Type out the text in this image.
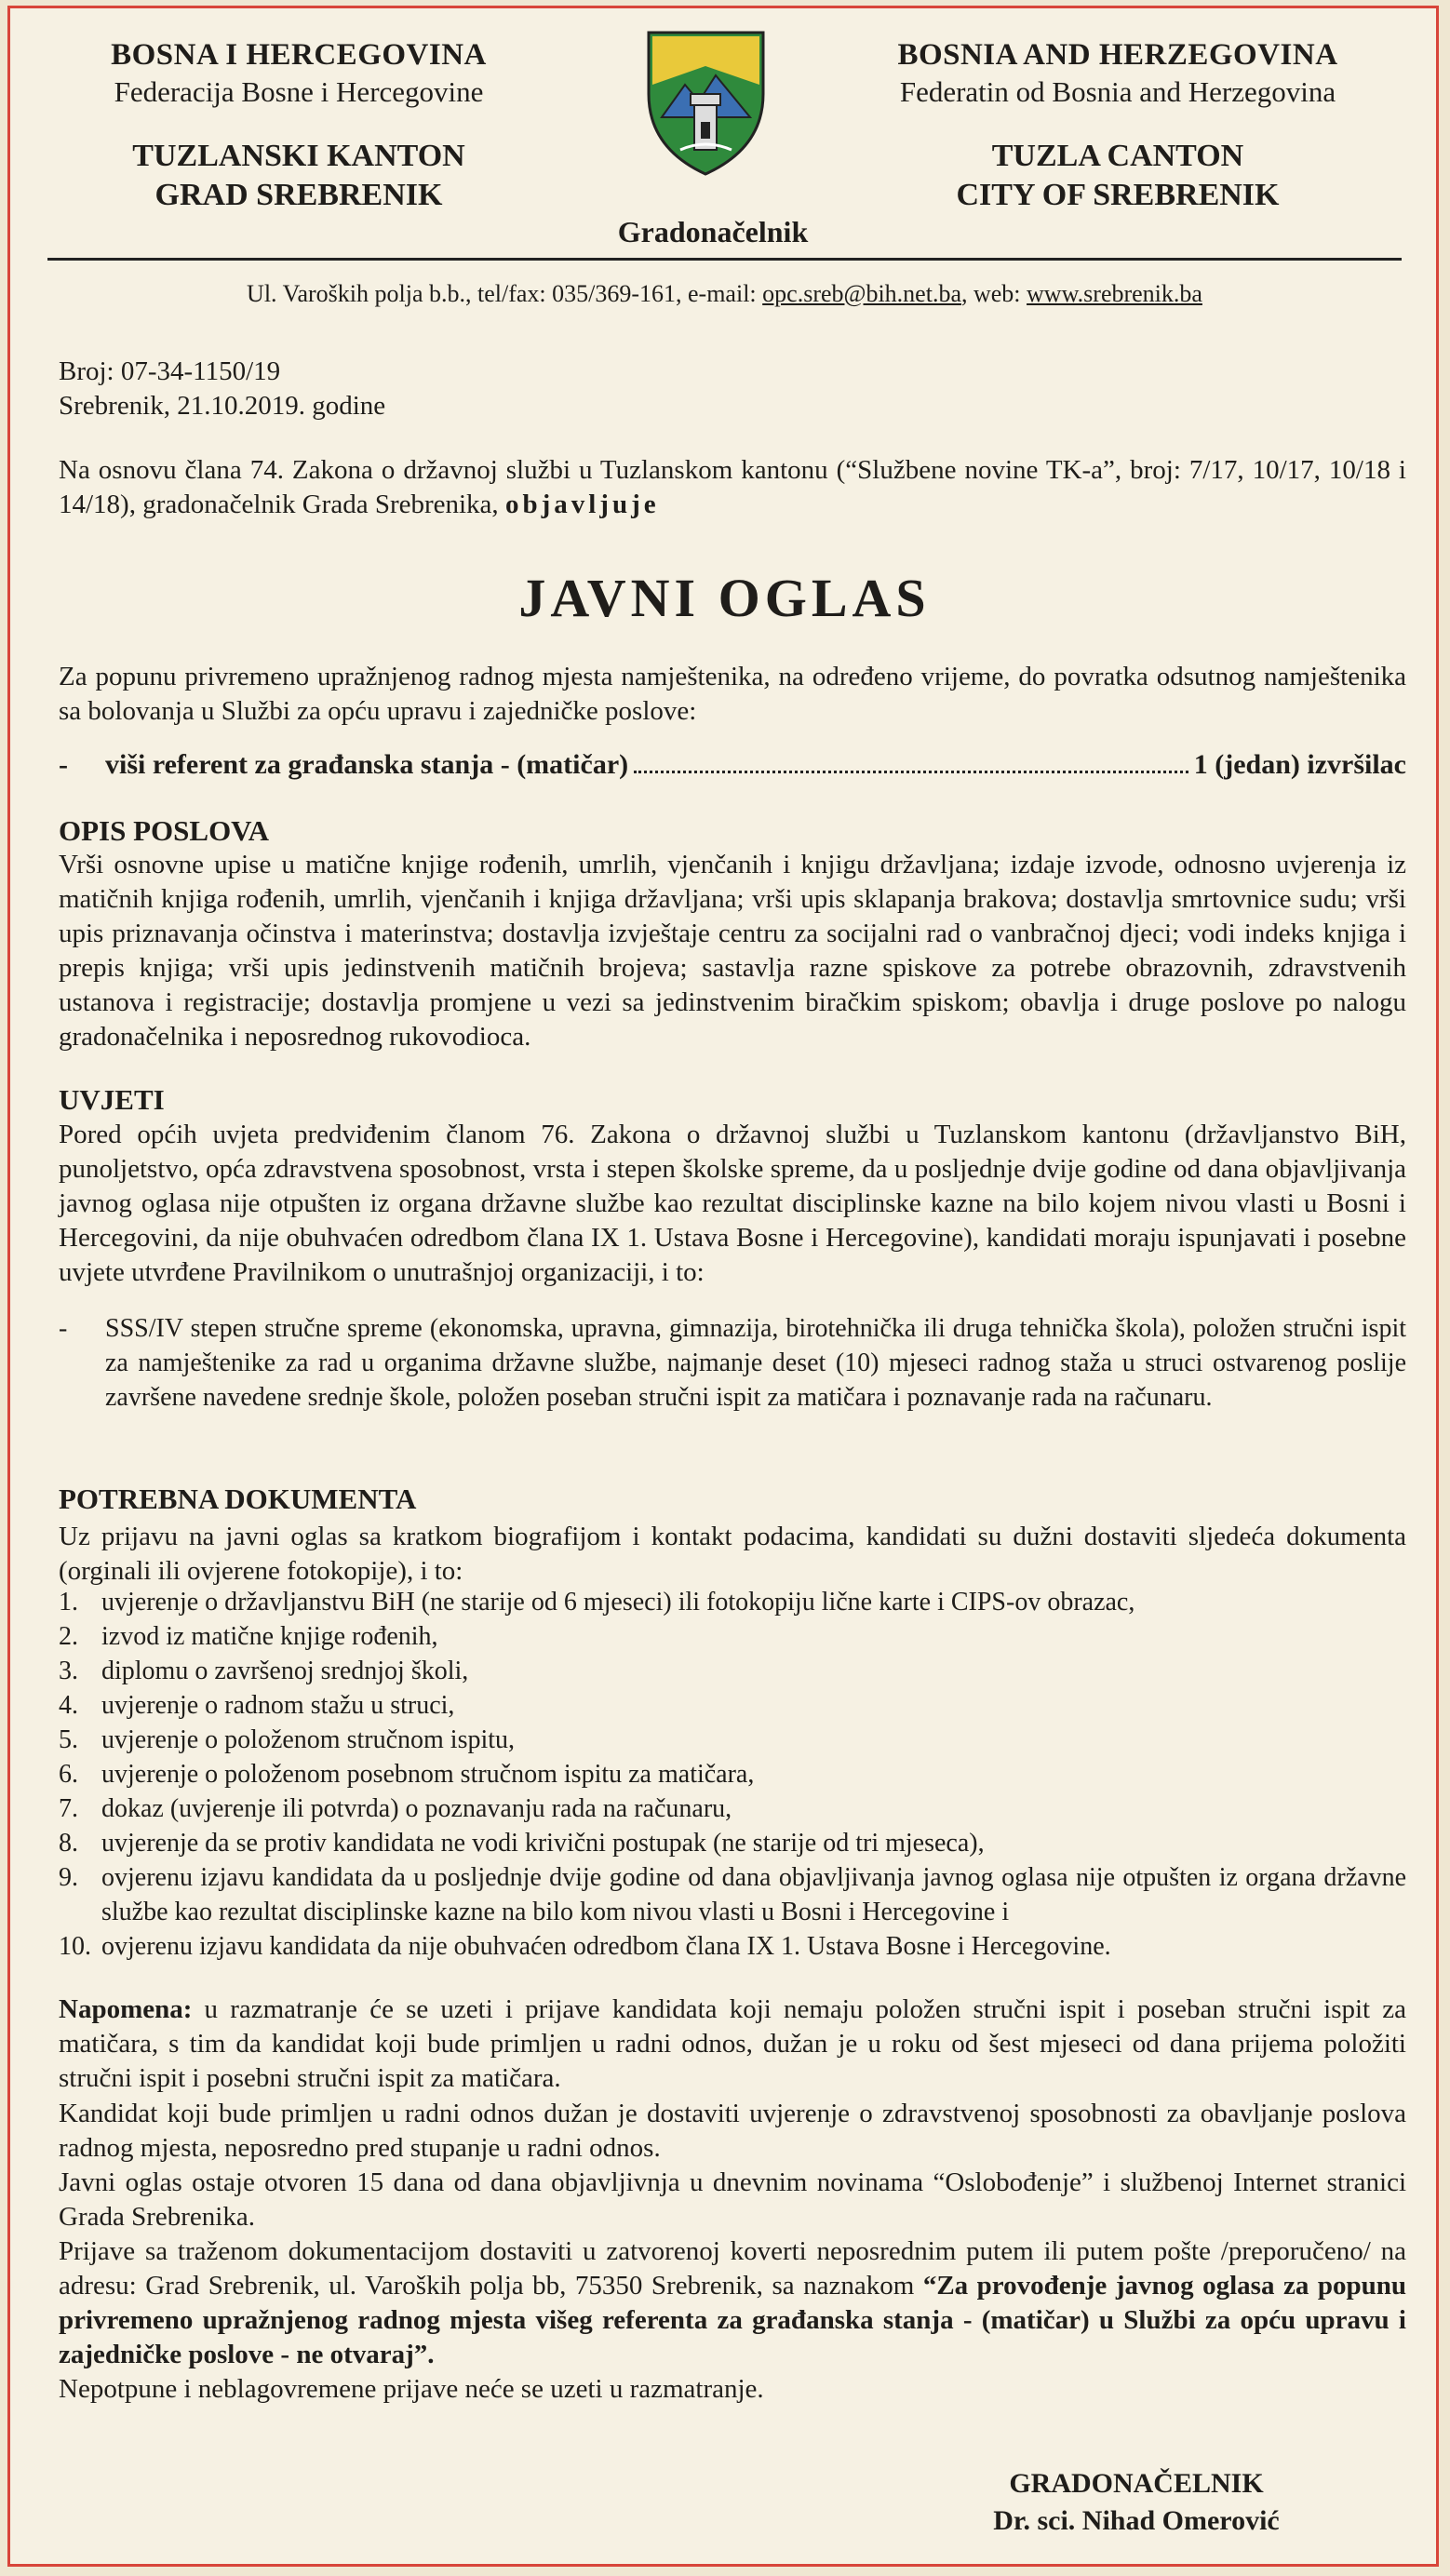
BOSNA I HERCEGOVINA
Federacija Bosne i Hercegovine
TUZLANSKI KANTON
GRAD SREBRENIK
Gradonačelnik
BOSNIA AND HERZEGOVINA
Federatin od Bosnia and Herzegovina
TUZLA CANTON
CITY OF SREBRENIK
Ul. Varoških polja b.b., tel/fax: 035/369-161, e-mail: opc.sreb@bih.net.ba, web: www.srebrenik.ba
Broj: 07-34-1150/19
Srebrenik, 21.10.2019. godine
Na osnovu člana 74. Zakona o državnoj službi u Tuzlanskom kantonu (“Službene novine TK-a”, broj: 7/17, 10/17, 10/18 i 14/18), gradonačelnik Grada Srebrenika, objavljuje
JAVNI OGLAS
Za popunu privremeno upražnjenog radnog mjesta namještenika, na određeno vrijeme, do povratka odsutnog namještenika sa bolovanja u Službi za opću upravu i zajedničke poslove:
-	viši referent za građanska stanja - (matičar)	1 (jedan) izvršilac
OPIS POSLOVA
Vrši osnovne upise u matične knjige rođenih, umrlih, vjenčanih i knjigu državljana; izdaje izvode, odnosno uvjerenja iz matičnih knjiga rođenih, umrlih, vjenčanih i knjiga državljana; vrši upis sklapanja brakova; dostavlja smrtovnice sudu; vrši upis priznavanja očinstva i materinstva; dostavlja izvještaje centru za socijalni rad o vanbračnoj djeci; vodi indeks knjiga i prepis knjiga; vrši upis jedinstvenih matičnih brojeva; sastavlja razne spiskove za potrebe obrazovnih, zdravstvenih ustanova i registracije; dostavlja promjene u vezi sa jedinstvenim biračkim spiskom; obavlja i druge poslove po nalogu gradonačelnika i neposrednog rukovodioca.
UVJETI
Pored općih uvjeta predviđenim članom 76. Zakona o državnoj službi u Tuzlanskom kantonu (državljanstvo BiH, punoljetstvo, opća zdravstvena sposobnost, vrsta i stepen školske spreme, da u posljednje dvije godine od dana objavljivanja javnog oglasa nije otpušten iz organa državne službe kao rezultat disciplinske kazne na bilo kojem nivou vlasti u Bosni i Hercegovini, da nije obuhvaćen odredbom člana IX 1. Ustava Bosne i Hercegovine), kandidati moraju ispunjavati i posebne uvjete utvrđene Pravilnikom o unutrašnjoj organizaciji, i to:
-	SSS/IV stepen stručne spreme (ekonomska, upravna, gimnazija, birotehnička ili druga tehnička škola), položen stručni ispit za namještenike za rad u organima državne službe, najmanje deset (10) mjeseci radnog staža u struci ostvarenog poslije završene navedene srednje škole, položen poseban stručni ispit za matičara i poznavanje rada na računaru.
POTREBNA DOKUMENTA
Uz prijavu na javni oglas sa kratkom biografijom i kontakt podacima, kandidati su dužni dostaviti sljedeća dokumenta (orginali ili ovjerene fotokopije), i to:
1. uvjerenje o državljanstvu BiH (ne starije od 6 mjeseci) ili fotokopiju lične karte i CIPS-ov obrazac,
2. izvod iz matične knjige rođenih,
3. diplomu o završenoj srednjoj školi,
4. uvjerenje o radnom stažu u struci,
5. uvjerenje o položenom stručnom ispitu,
6. uvjerenje o položenom posebnom stručnom ispitu za matičara,
7. dokaz (uvjerenje ili potvrda) o poznavanju rada na računaru,
8. uvjerenje da se protiv kandidata ne vodi krivični postupak (ne starije od tri mjeseca),
9. ovjerenu izjavu kandidata da u posljednje dvije godine od dana objavljivanja javnog oglasa nije otpušten iz organa državne službe kao rezultat disciplinske kazne na bilo kom nivou vlasti u Bosni i Hercegovine i
10. ovjerenu izjavu kandidata da nije obuhvaćen odredbom člana IX 1. Ustava Bosne i Hercegovine.
Napomena: u razmatranje će se uzeti i prijave kandidata koji nemaju položen stručni ispit i poseban stručni ispit za matičara, s tim da kandidat koji bude primljen u radni odnos, dužan je u roku od šest mjeseci od dana prijema položiti stručni ispit i posebni stručni ispit za matičara.
Kandidat koji bude primljen u radni odnos dužan je dostaviti uvjerenje o zdravstvenoj sposobnosti za obavljanje poslova radnog mjesta, neposredno pred stupanje u radni odnos.
Javni oglas ostaje otvoren 15 dana od dana objavljivnja u dnevnim novinama “Oslobođenje” i službenoj Internet stranici Grada Srebrenika.
Prijave sa traženom dokumentacijom dostaviti u zatvorenoj koverti neposrednim putem ili putem pošte /preporučeno/ na adresu: Grad Srebrenik, ul. Varoških polja bb, 75350 Srebrenik, sa naznakom “Za provođenje javnog oglasa za popunu privremeno upražnjenog radnog mjesta višeg referenta za građanska stanja - (matičar) u Službi za opću upravu i zajedničke poslove - ne otvaraj”.
Nepotpune i neblagovremene prijave neće se uzeti u razmatranje.
GRADONAČELNIK
Dr. sci. Nihad Omerović
